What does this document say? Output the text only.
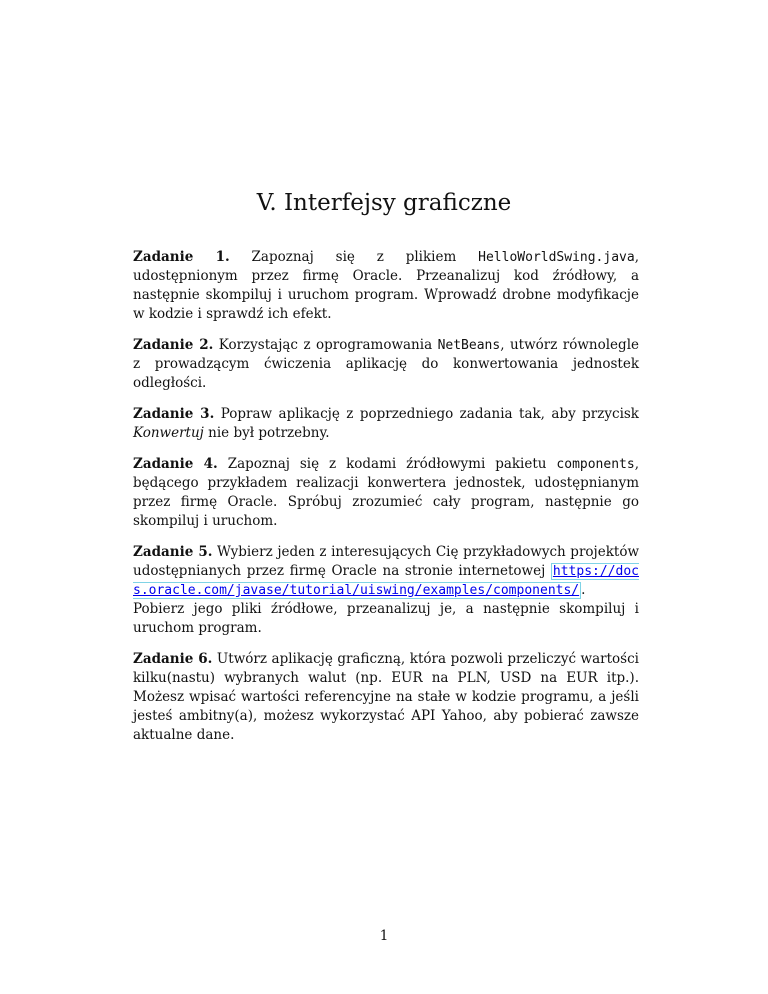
V. Interfejsy graficzne

Zadanie 1. Zapoznaj się z plikiem HelloWorldSwing.java, udostępnionym przez firmę Oracle. Przeanalizuj kod źródłowy, a następnie skompiluj i uruchom program. Wprowadź drobne modyfikacje w kodzie i sprawdź ich efekt.

Zadanie 2. Korzystając z oprogramowania NetBeans, utwórz równolegle z prowadzącym ćwiczenia aplikację do konwertowania jednostek odległości.

Zadanie 3. Popraw aplikację z poprzedniego zadania tak, aby przycisk Konwertuj nie był potrzebny.

Zadanie 4. Zapoznaj się z kodami źródłowymi pakietu components, będącego przykładem realizacji konwertera jednostek, udostępnianym przez firmę Oracle. Spróbuj zrozumieć cały program, następnie go skompiluj i uruchom.

Zadanie 5. Wybierz jeden z interesujących Cię przykładowych projektów udostępnianych przez firmę Oracle na stronie internetowej https://docs.oracle.com/javase/tutorial/uiswing/examples/components/ . Pobierz jego pliki źródłowe, przeanalizuj je, a następnie skompiluj i uruchom program.

Zadanie 6. Utwórz aplikację graficzną, która pozwoli przeliczyć wartości kilku(nastu) wybranych walut (np. EUR na PLN, USD na EUR itp.). Możesz wpisać wartości referencyjne na stałe w kodzie programu, a jeśli jesteś ambitny(a), możesz wykorzystać API Yahoo, aby pobierać zawsze aktualne dane.

1
